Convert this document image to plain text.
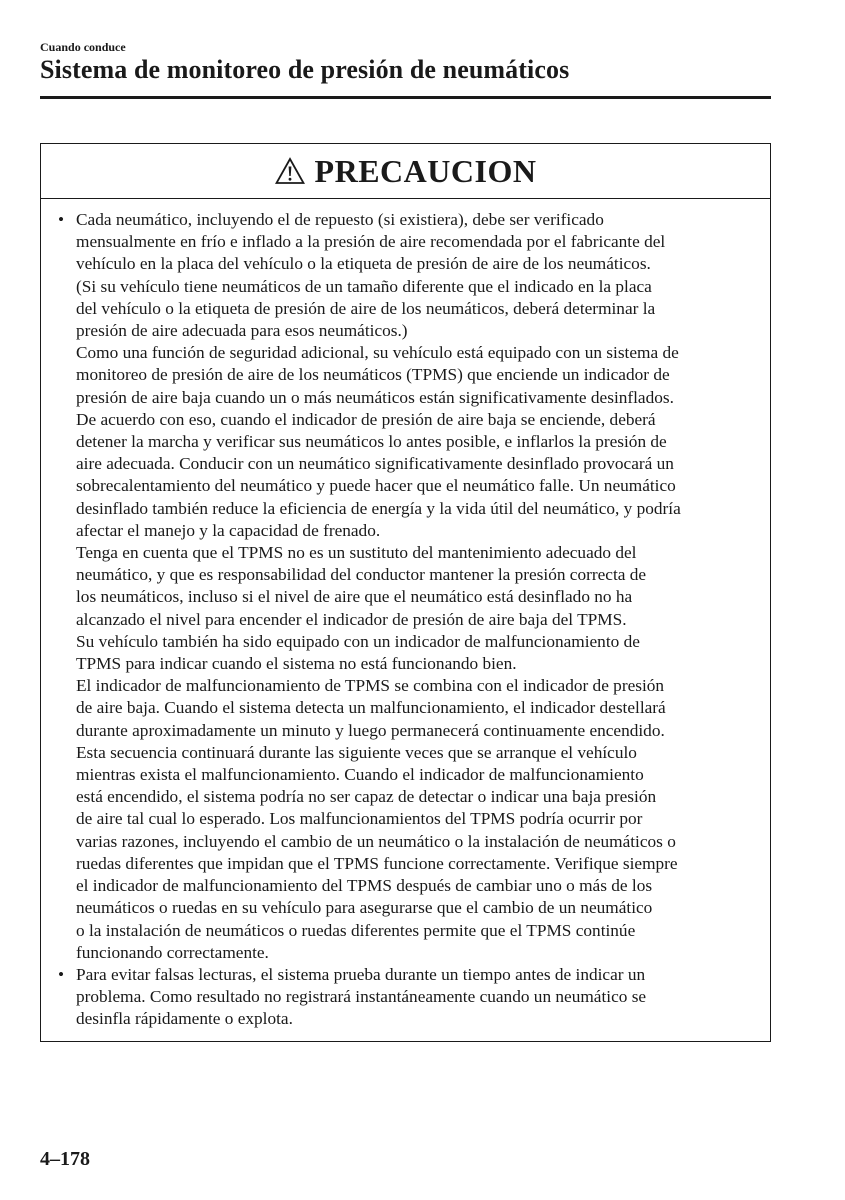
Cuando conduce
Sistema de monitoreo de presión de neumáticos
PRECAUCION
• Cada neumático, incluyendo el de repuesto (si existiera), debe ser verificado
mensualmente en frío e inflado a la presión de aire recomendada por el fabricante del
vehículo en la placa del vehículo o la etiqueta de presión de aire de los neumáticos.
(Si su vehículo tiene neumáticos de un tamaño diferente que el indicado en la placa
del vehículo o la etiqueta de presión de aire de los neumáticos, deberá determinar la
presión de aire adecuada para esos neumáticos.)
Como una función de seguridad adicional, su vehículo está equipado con un sistema de
monitoreo de presión de aire de los neumáticos (TPMS) que enciende un indicador de
presión de aire baja cuando un o más neumáticos están significativamente desinflados.
De acuerdo con eso, cuando el indicador de presión de aire baja se enciende, deberá
detener la marcha y verificar sus neumáticos lo antes posible, e inflarlos la presión de
aire adecuada. Conducir con un neumático significativamente desinflado provocará un
sobrecalentamiento del neumático y puede hacer que el neumático falle. Un neumático
desinflado también reduce la eficiencia de energía y la vida útil del neumático, y podría
afectar el manejo y la capacidad de frenado.
Tenga en cuenta que el TPMS no es un sustituto del mantenimiento adecuado del
neumático, y que es responsabilidad del conductor mantener la presión correcta de
los neumáticos, incluso si el nivel de aire que el neumático está desinflado no ha
alcanzado el nivel para encender el indicador de presión de aire baja del TPMS.
Su vehículo también ha sido equipado con un indicador de malfuncionamiento de
TPMS para indicar cuando el sistema no está funcionando bien.
El indicador de malfuncionamiento de TPMS se combina con el indicador de presión
de aire baja. Cuando el sistema detecta un malfuncionamiento, el indicador destellará
durante aproximadamente un minuto y luego permanecerá continuamente encendido.
Esta secuencia continuará durante las siguiente veces que se arranque el vehículo
mientras exista el malfuncionamiento. Cuando el indicador de malfuncionamiento
está encendido, el sistema podría no ser capaz de detectar o indicar una baja presión
de aire tal cual lo esperado. Los malfuncionamientos del TPMS podría ocurrir por
varias razones, incluyendo el cambio de un neumático o la instalación de neumáticos o
ruedas diferentes que impidan que el TPMS funcione correctamente. Verifique siempre
el indicador de malfuncionamiento del TPMS después de cambiar uno o más de los
neumáticos o ruedas en su vehículo para asegurarse que el cambio de un neumático
o la instalación de neumáticos o ruedas diferentes permite que el TPMS continúe
funcionando correctamente.
• Para evitar falsas lecturas, el sistema prueba durante un tiempo antes de indicar un
problema. Como resultado no registrará instantáneamente cuando un neumático se
desinfla rápidamente o explota.
4–178
